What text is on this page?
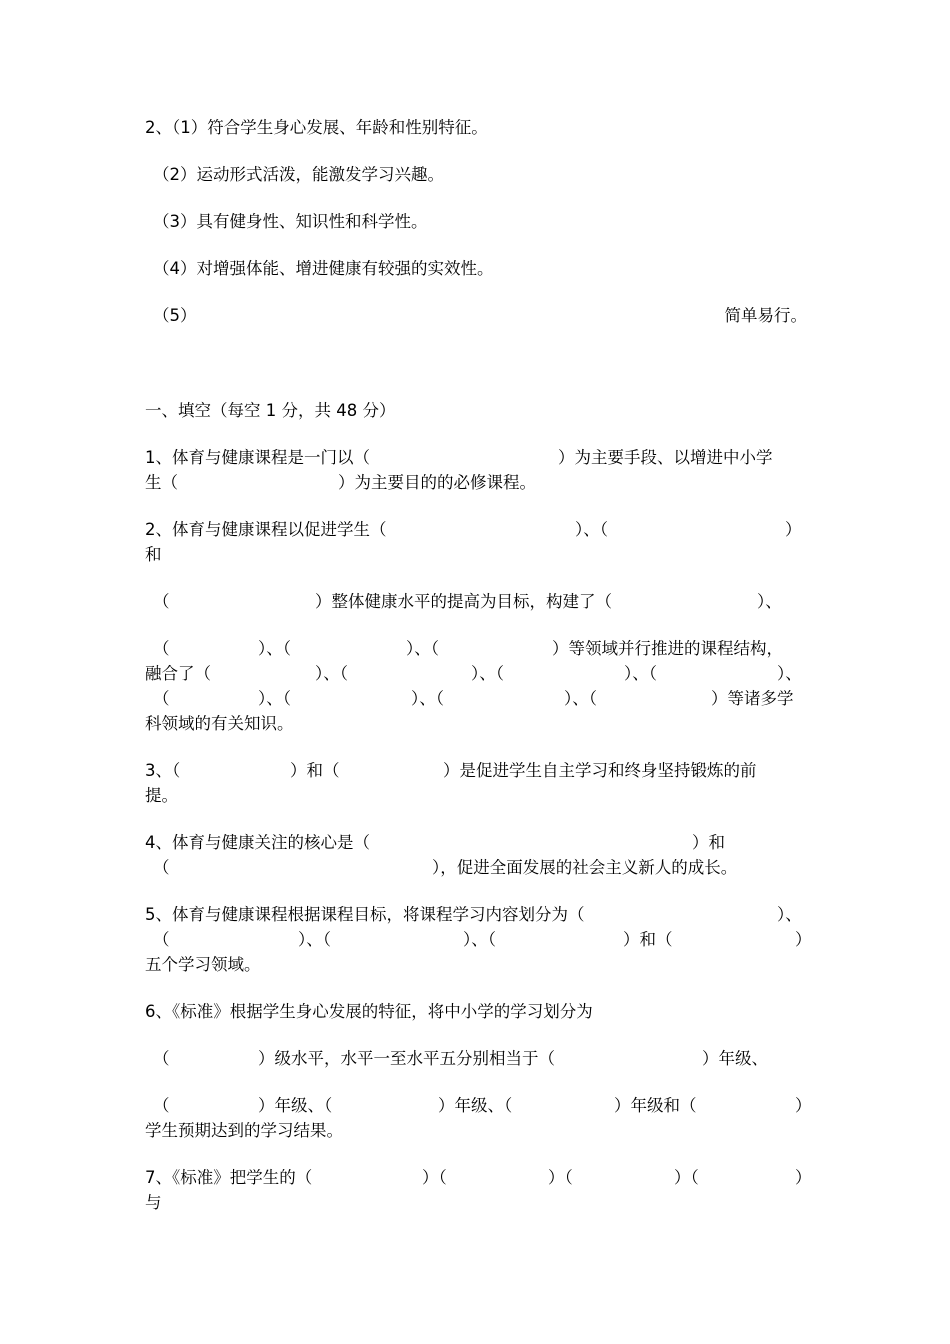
2、（1）符合学生身心发展、年龄和性别特征。
（2）运动形式活泼，能激发学习兴趣。
（3）具有健身性、知识性和科学性。
（4）对增强体能、增进健康有较强的实效性。

（5）

	简单易行。

一、填空（每空 1 分，共 48 分）

1、体育与健康课程是一门以（

	）为主要手段、以增进中小学

生（

	）为主要目的的必修课程。

2、体育与健康课程以促进学生（

	）、（

	）

和

（

	）整体健康水平的提高为目标，构建了（

	）、

（

	）、（

	）、（

	）等领域并行推进的课程结构，

融合了（

	）、（

	）、（

	）、（

	）、

（

	）、（

	）、（

	）、（

	）等诸多学

科领域的有关知识。

3、（

	）和（

	）是促进学生自主学习和终身坚持锻炼的前

提。

4、体育与健康关注的核心是（

	）和

（

	），促进全面发展的社会主义新人的成长。

5、体育与健康课程根据课程目标，将课程学习内容划分为（

	）、

（

	）、（

	）、（

	）和（

	）

五个学习领域。
6、《标准》根据学生身心发展的特征，将中小学的学习划分为

（

	）级水平，水平一至水平五分别相当于（

	）年级、

（

	）年级、（

	）年级、（

	）年级和（

	）

学生预期达到的学习结果。

7、《标准》把学生的（

	）（

	）（

	）（

	）

与
